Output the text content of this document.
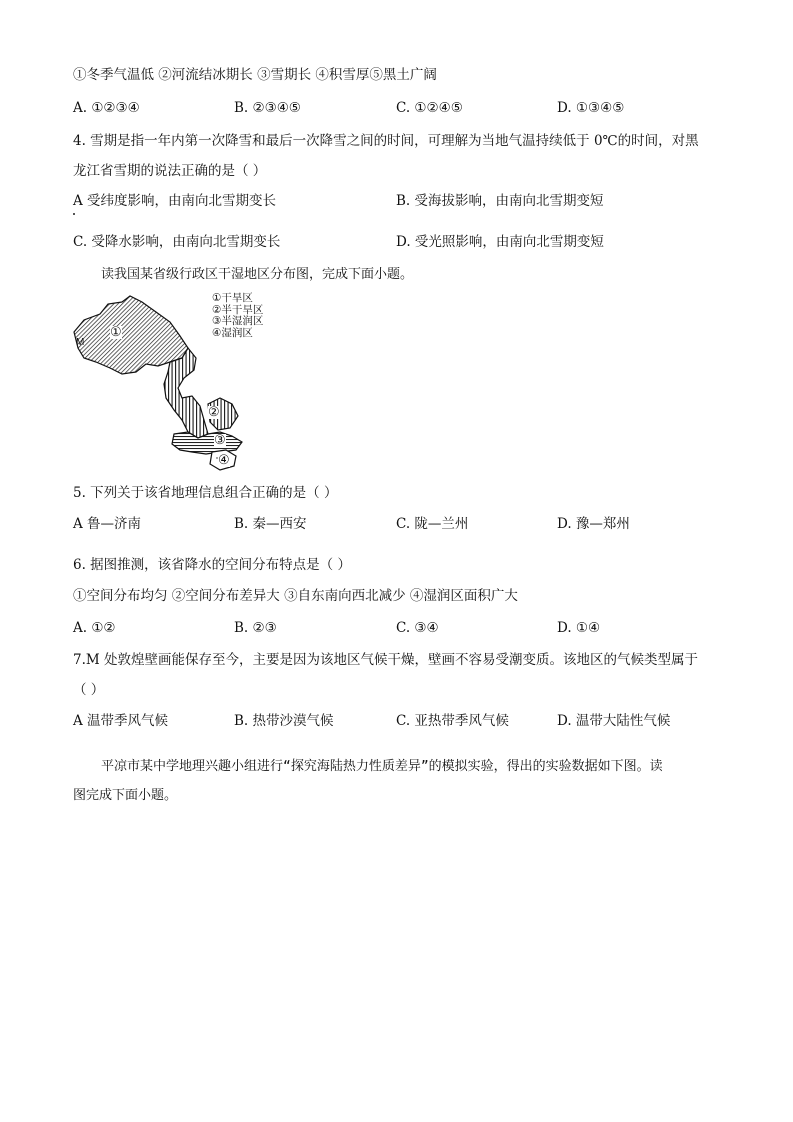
①冬季气温低 ②河流结冰期长 ③雪期长 ④积雪厚⑤黑土广阔
A. ①②③④	B. ②③④⑤	C. ①②④⑤	D. ①③④⑤
4. 雪期是指一年内第一次降雪和最后一次降雪之间的时间，可理解为当地气温持续低于 0℃的时间，对黑
龙江省雪期的说法正确的是（ ）
A 受纬度影响，由南向北雪期变长	B. 受海拔影响，由南向北雪期变短
C. 受降水影响，由南向北雪期变长	D. 受光照影响，由南向北雪期变短
读我国某省级行政区干湿地区分布图，完成下面小题。
①
M
②
③
④
①干旱区
②半干旱区
③半湿润区
④湿润区
5. 下列关于该省地理信息组合正确的是（ ）
A 鲁—济南	B. 秦—西安	C. 陇—兰州	D. 豫—郑州
6. 据图推测，该省降水的空间分布特点是（ ）
①空间分布均匀 ②空间分布差异大 ③自东南向西北减少 ④湿润区面积广大
A. ①②	B. ②③	C. ③④	D. ①④
7.M 处敦煌壁画能保存至今，主要是因为该地区气候干燥，壁画不容易受潮变质。该地区的气候类型属于
（ ）
A 温带季风气候	B. 热带沙漠气候	C. 亚热带季风气候	D. 温带大陆性气候
平凉市某中学地理兴趣小组进行“探究海陆热力性质差异”的模拟实验，得出的实验数据如下图。读
图完成下面小题。
